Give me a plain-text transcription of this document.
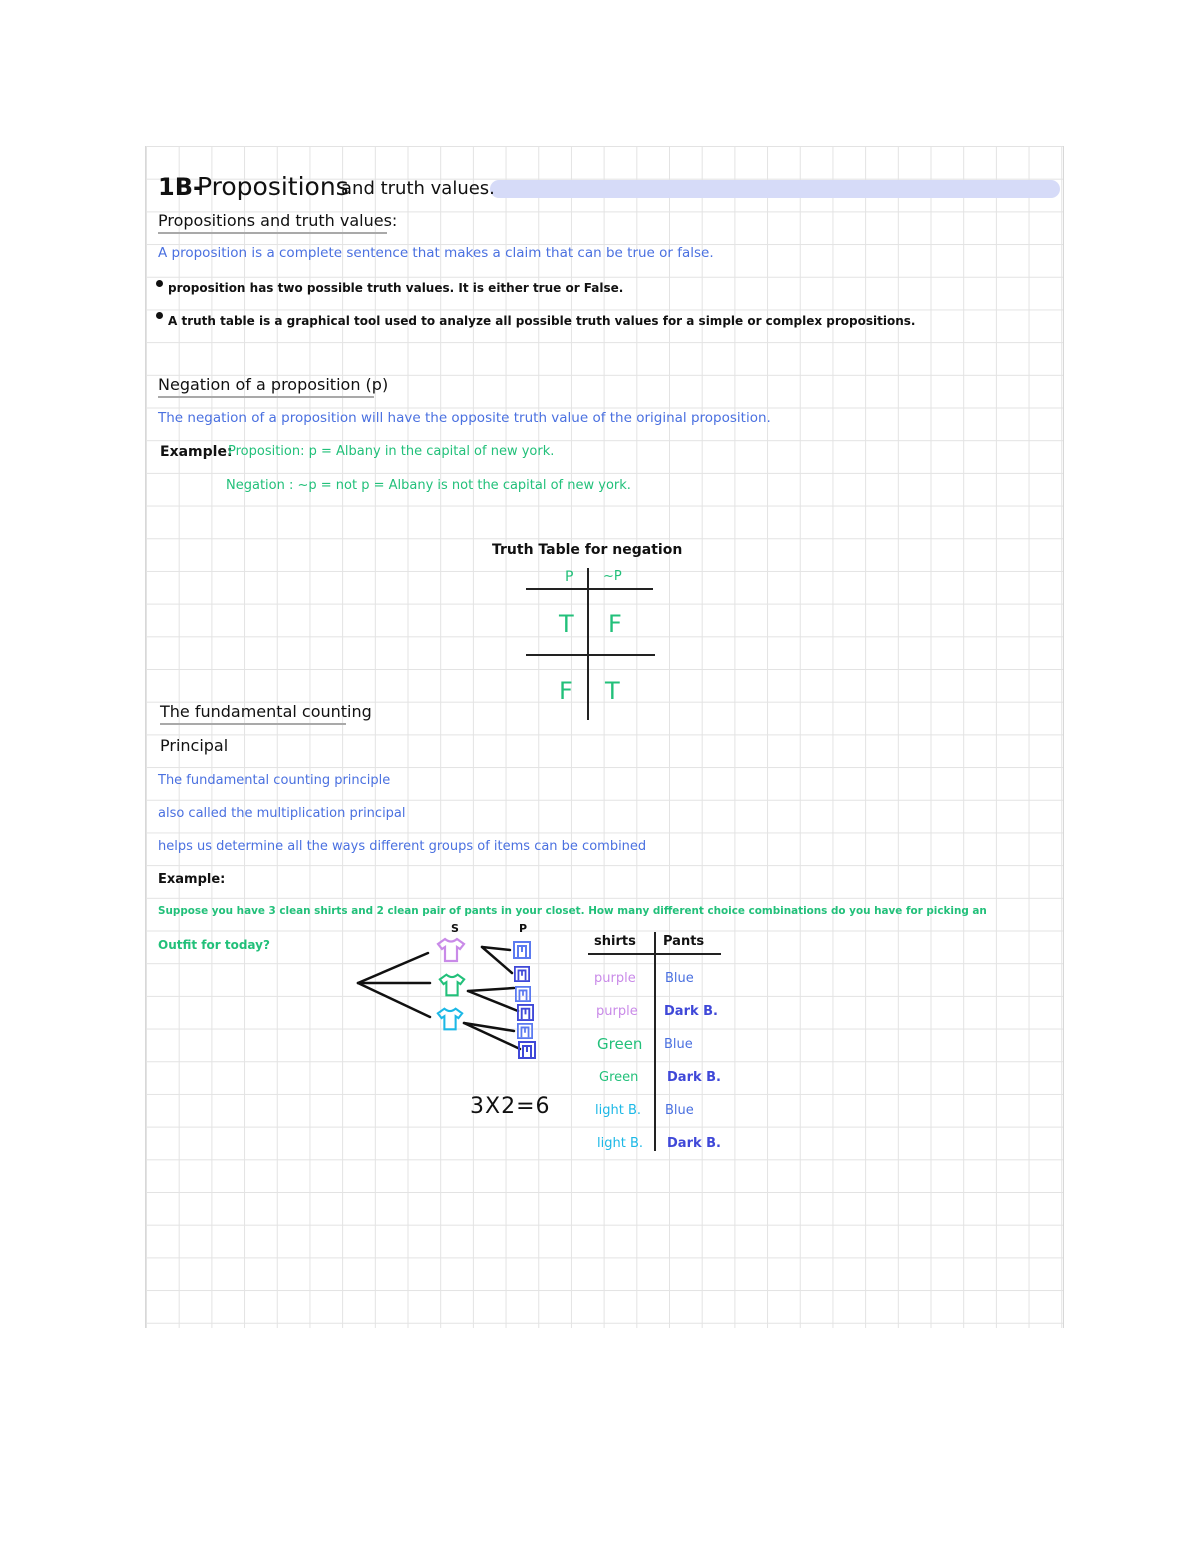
1B-
Propositions
and truth values.
Propositions and truth values:
A proposition is a complete sentence that makes a claim that can be true or false.
proposition has two possible truth values. It is either true or False.
A truth table is a graphical tool used to analyze all possible truth values for a simple or complex propositions.
Negation of a proposition (p)
The negation of a proposition will have the opposite truth value of the original proposition.
Example:
Proposition: p = Albany in the capital of new york.
Negation : ~p = not p = Albany is not the capital of new york.
Truth Table for negation
P ~P
T F
F T
The fundamental counting
Principal
The fundamental counting principle
also called the multiplication principal
helps us determine all the ways different groups of items can be combined
Example:
Suppose you have 3 clean shirts and 2 clean pair of pants in your closet. How many different choice combinations do you have for picking an
Outfit for today?
S	P
3X2=6
shirts Pants
purple Blue
purple Dark B.
Green Blue
Green Dark B.
light B. Blue
light B. Dark B.
